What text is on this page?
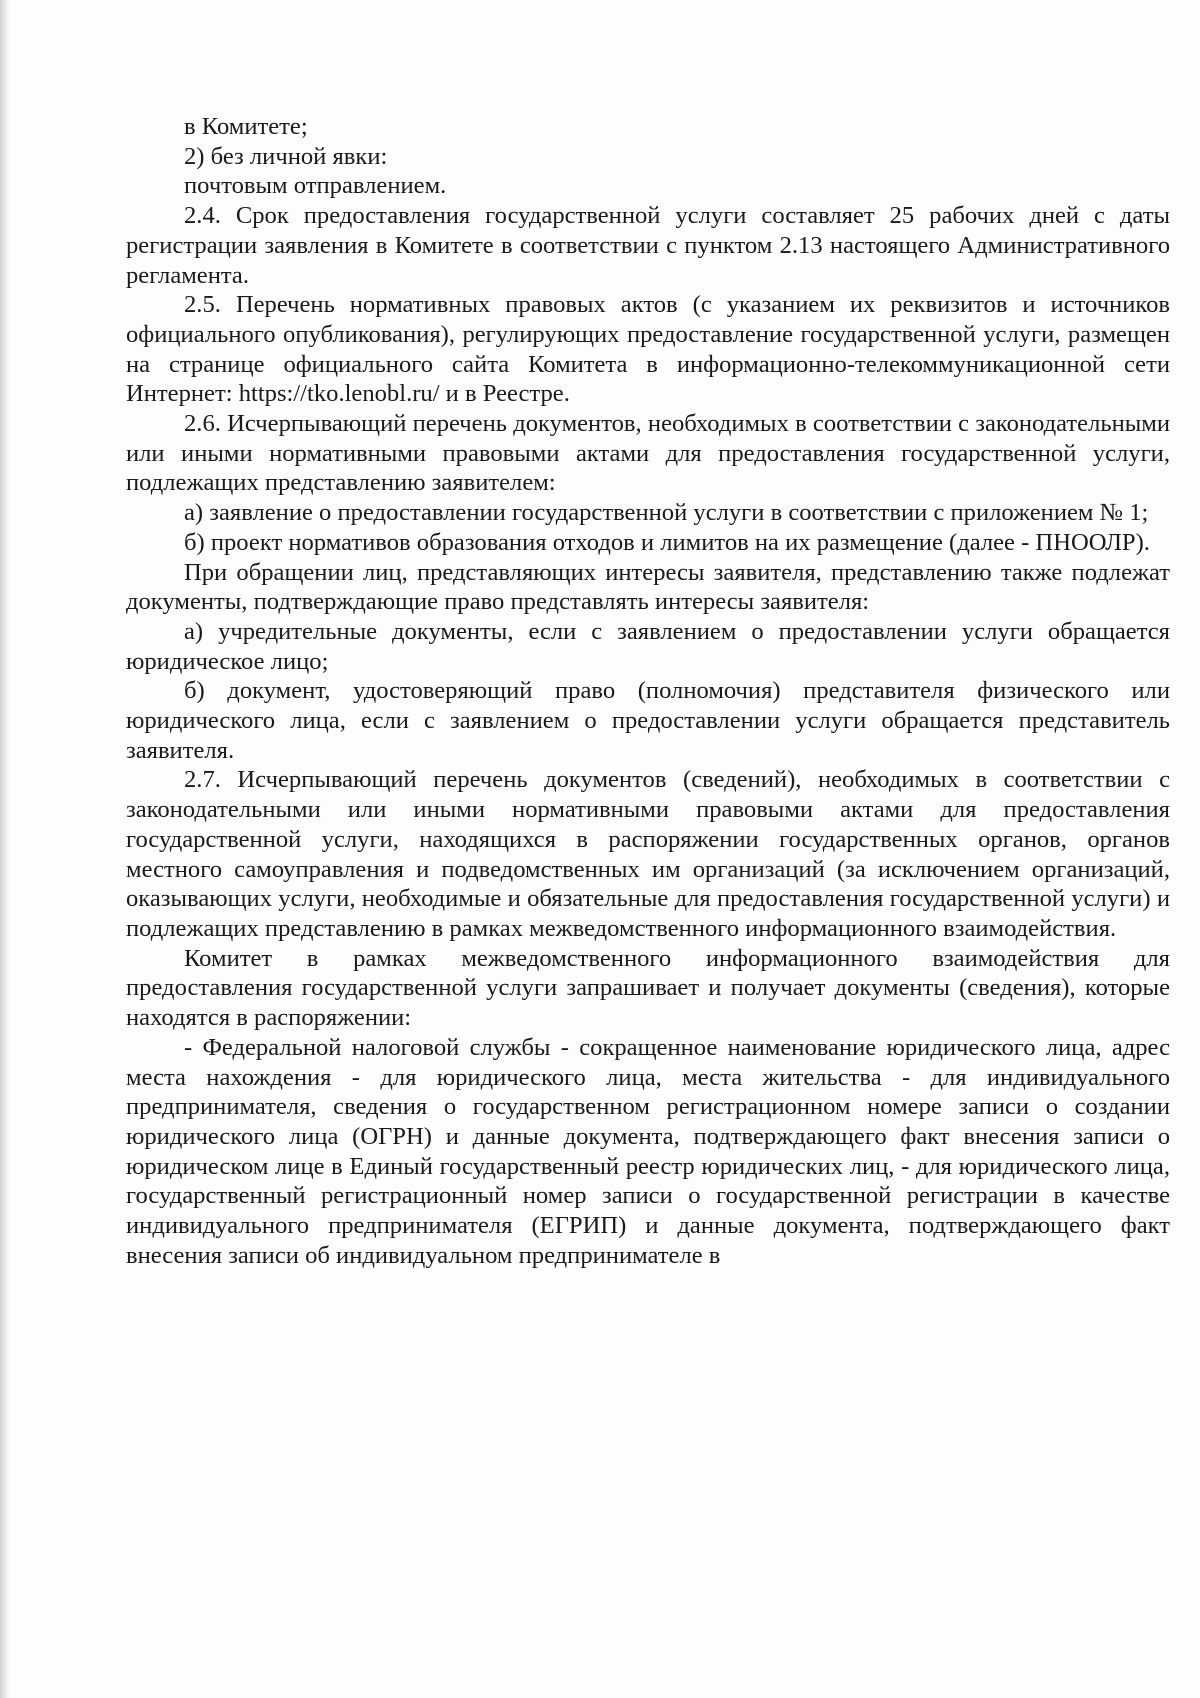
в Комитете;

2) без личной явки:

почтовым отправлением.

2.4. Срок предоставления государственной услуги составляет 25 рабочих дней с даты регистрации заявления в Комитете в соответствии с пунктом 2.13 настоящего Административного регламента.

2.5. Перечень нормативных правовых актов (с указанием их реквизитов и источников официального опубликования), регулирующих предоставление государственной услуги, размещен на странице официального сайта Комитета в информационно-телекоммуникационной сети Интернет: https://tko.lenobl.ru/ и в Реестре.

2.6. Исчерпывающий перечень документов, необходимых в соответствии с законодательными или иными нормативными правовыми актами для предоставления государственной услуги, подлежащих представлению заявителем:

а) заявление о предоставлении государственной услуги в соответствии с приложением № 1;

б) проект нормативов образования отходов и лимитов на их размещение (далее - ПНООЛР).

При обращении лиц, представляющих интересы заявителя, представлению также подлежат документы, подтверждающие право представлять интересы заявителя:

а) учредительные документы, если с заявлением о предоставлении услуги обращается юридическое лицо;

б) документ, удостоверяющий право (полномочия) представителя физического или юридического лица, если с заявлением о предоставлении услуги обращается представитель заявителя.

2.7. Исчерпывающий перечень документов (сведений), необходимых в соответствии с законодательными или иными нормативными правовыми актами для предоставления государственной услуги, находящихся в распоряжении государственных органов, органов местного самоуправления и подведомственных им организаций (за исключением организаций, оказывающих услуги, необходимые и обязательные для предоставления государственной услуги) и подлежащих представлению в рамках межведомственного информационного взаимодействия.

Комитет в рамках межведомственного информационного взаимодействия для предоставления государственной услуги запрашивает и получает документы (сведения), которые находятся в распоряжении:

- Федеральной налоговой службы - сокращенное наименование юридического лица, адрес места нахождения - для юридического лица, места жительства - для индивидуального предпринимателя, сведения о государственном регистрационном номере записи о создании юридического лица (ОГРН) и данные документа, подтверждающего факт внесения записи о юридическом лице в Единый государственный реестр юридических лиц, - для юридического лица, государственный регистрационный номер записи о государственной регистрации в качестве индивидуального предпринимателя (ЕГРИП) и данные документа, подтверждающего факт внесения записи об индивидуальном предпринимателе в
